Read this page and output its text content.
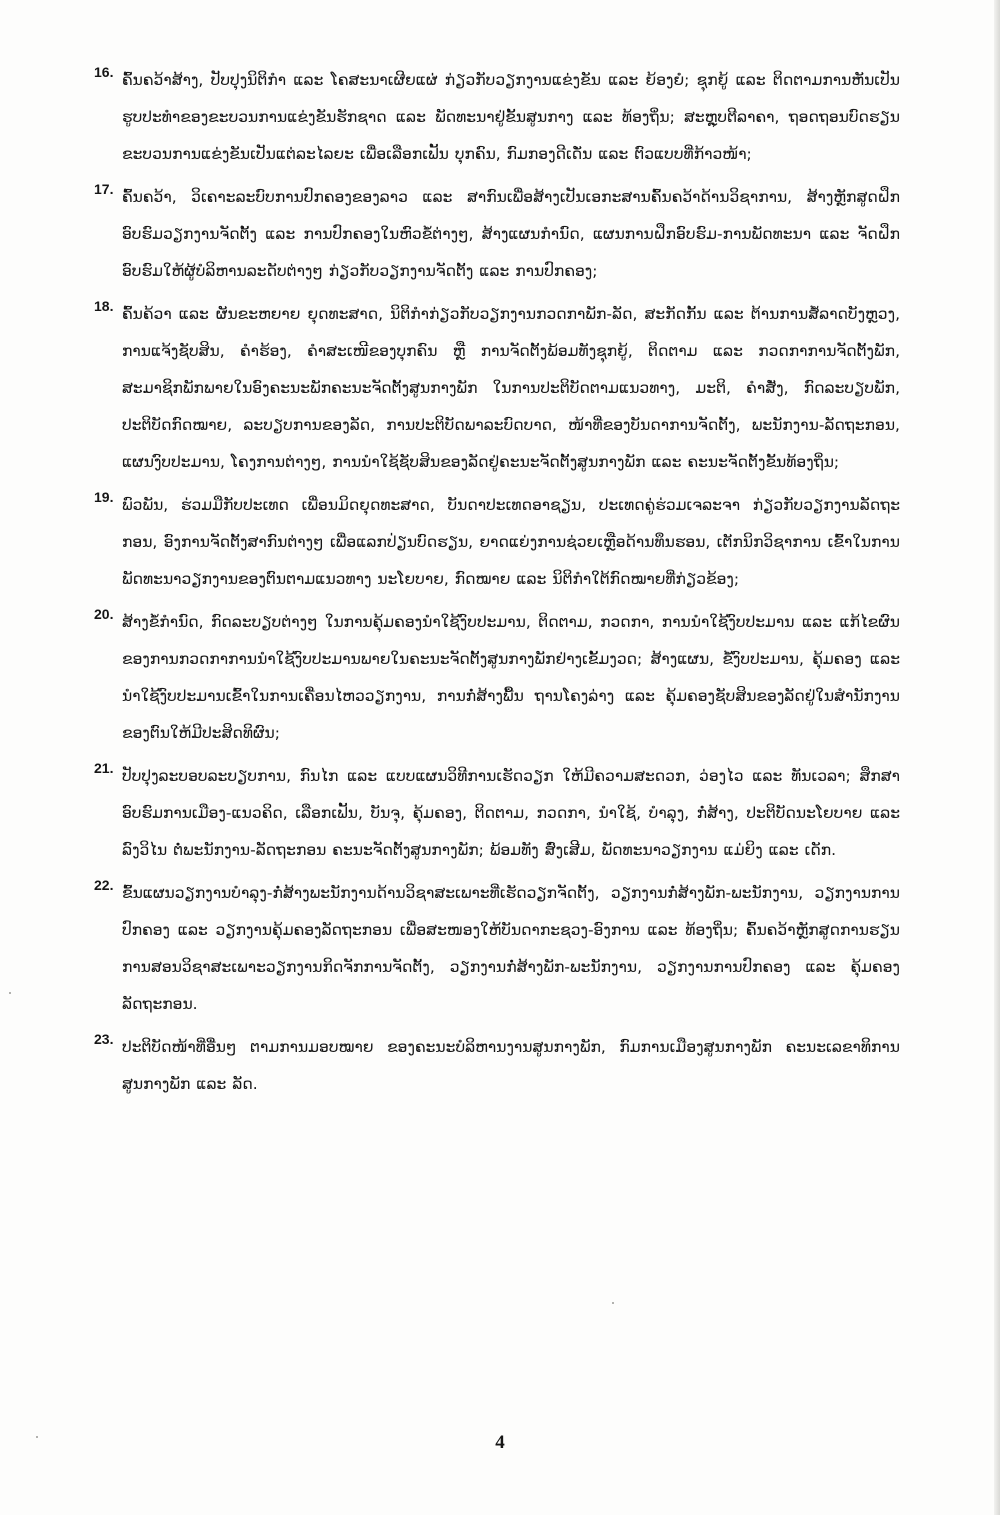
16. ຄົ້ນຄວ້າສ້າງ, ປັບປຸງນິຕິກຳ ແລະ ໂຄສະນາເຜີຍແຜ່ ກ່ຽວກັບວຽກງານແຂ່ງຂັນ ແລະ ຍ້ອງຍໍ; ຊຸກຍູ້ ແລະ ຕິດຕາມການຫັນເປັນຮູບປະທຳຂອງຂະບວນການແຂ່ງຂັນຮັກຊາດ ແລະ ພັດທະນາຢູ່ຂັ້ນສູນກາງ ແລະ ທ້ອງຖິ່ນ; ສະຫຼຸບຕີລາຄາ, ຖອດຖອນບົດຮຽນຂະບວນການແຂ່ງຂັນເປັນແຕ່ລະໄລຍະ ເພື່ອເລືອກເຟັ້ນ ບຸກຄົນ, ກົມກອງດີເດັ່ນ ແລະ ຕົວແບບທີ່ກ້າວໜ້າ;

17. ຄົ້ນຄວ້າ, ວິເຄາະລະບົບການປົກຄອງຂອງລາວ ແລະ ສາກົນເພື່ອສ້າງເປັນເອກະສານຄົ້ນຄວ້າດ້ານວິຊາການ, ສ້າງຫຼັກສູດຝຶກອົບຮົມວຽກງານຈັດຕັ້ງ ແລະ ການປົກຄອງໃນຫົວຂໍ້ຕ່າງໆ, ສ້າງແຜນກຳນົດ, ແຜນການຝຶກອົບຮົມ-ການພັດທະນາ ແລະ ຈັດຝຶກອົບຮົມໃຫ້ຜູ້ບໍລິຫານລະດັບຕ່າງໆ ກ່ຽວກັບວຽກງານຈັດຕັ້ງ ແລະ ການປົກຄອງ;

18. ຄົ້ນຄ້ວາ ແລະ ຜັນຂະຫຍາຍ ຍຸດທະສາດ, ນິຕິກຳກ່ຽວກັບວຽກງານກວດກາພັກ-ລັດ, ສະກັດກັ້ນ ແລະ ຕ້ານການສໍ້ລາດບັງຫຼວງ, ການແຈ້ງຊັບສິນ, ຄຳຮ້ອງ, ຄຳສະເໜີຂອງບຸກຄົນ ຫຼື ການຈັດຕັ້ງພ້ອມທັງຊຸກຍູ້, ຕິດຕາມ ແລະ ກວດກາການຈັດຕັ້ງພັກ, ສະມາຊິກພັກພາຍໃນອົງຄະນະພັກຄະນະຈັດຕັ້ງສູນກາງພັກ ໃນການປະຕິບັດຕາມແນວທາງ, ມະຕິ, ຄຳສັ່ງ, ກົດລະບຽບພັກ, ປະຕິບັດກົດໝາຍ, ລະບຽບການຂອງລັດ, ການປະຕິບັດພາລະບົດບາດ, ໜ້າທີ່ຂອງບັນດາການຈັດຕັ້ງ, ພະນັກງານ-ລັດຖະກອນ, ແຜນງົບປະມານ, ໂຄງການຕ່າງໆ, ການນຳໃຊ້ຊັບສິນຂອງລັດຢູ່ຄະນະຈັດຕັ້ງສູນກາງພັກ ແລະ ຄະນະຈັດຕັ້ງຂັ້ນທ້ອງຖິ່ນ;

19. ພົວພັນ, ຮ່ວມມືກັບປະເທດ ເພື່ອນມິດຍຸດທະສາດ, ບັນດາປະເທດອາຊຽນ, ປະເທດຄູ່ຮ່ວມເຈລະຈາ ກ່ຽວກັບວຽກງານລັດຖະກອນ, ອົງການຈັດຕັ້ງສາກົນຕ່າງໆ ເພື່ອແລກປ່ຽນບົດຮຽນ, ຍາດແຍ່ງການຊ່ວຍເຫຼືອດ້ານທຶນຮອນ, ເຕັກນິກວິຊາການ ເຂົ້າໃນການພັດທະນາວຽກງານຂອງຕົນຕາມແນວທາງ ນະໂຍບາຍ, ກົດໝາຍ ແລະ ນິຕິກຳໃຕ້ກົດໝາຍທີ່ກ່ຽວຂ້ອງ;

20. ສ້າງຂໍ້ກຳນົດ, ກົດລະບຽບຕ່າງໆ ໃນການຄຸ້ມຄອງນຳໃຊ້ງົບປະມານ, ຕິດຕາມ, ກວດກາ, ການນຳໃຊ້ງົບປະມານ ແລະ ແກ້ໄຂຜົນຂອງການກວດກາການນຳໃຊ້ງົບປະມານພາຍໃນຄະນະຈັດຕັ້ງສູນກາງພັກຢ່າງເຂັ້ມງວດ; ສ້າງແຜນ, ຂໍ້ງົບປະມານ, ຄຸ້ມຄອງ ແລະ ນຳໃຊ້ງົບປະມານເຂົ້າໃນການເຄື່ອນໄຫວວຽກງານ, ການກໍ່ສ້າງພື້ນ ຖານໂຄງລ່າງ ແລະ ຄຸ້ມຄອງຊັບສິນຂອງລັດຢູ່ໃນສຳນັກງານຂອງຕົນໃຫ້ມີປະສິດທິຜົນ;

21. ປັບປຸງລະບອບລະບຽບການ, ກົນໄກ ແລະ ແບບແຜນວິທີການເຮັດວຽກ ໃຫ້ມີຄວາມສະດວກ, ວ່ອງໄວ ແລະ ທັນເວລາ; ສຶກສາອົບຮົມການເມືອງ-ແນວຄິດ, ເລືອກເຟັ້ນ, ບັນຈຸ, ຄຸ້ມຄອງ, ຕິດຕາມ, ກວດກາ, ນຳໃຊ້, ບຳລຸງ, ກໍ່ສ້າງ, ປະຕິບັດນະໂຍບາຍ ແລະ ລົງວິໄນ ຕໍ່ພະນັກງານ-ລັດຖະກອນ ຄະນະຈັດຕັ້ງສູນກາງພັກ; ພ້ອມທັງ ສົ່ງເສີມ, ພັດທະນາວຽກງານ ແມ່ຍິງ ແລະ ເດັກ.

22. ຂົ້ນແຜນວຽກງານບຳລຸງ-ກໍ່ສ້າງພະນັກງານດ້ານວິຊາສະເພາະທີ່ເຮັດວຽກຈັດຕັ້ງ, ວຽກງານກໍ່ສ້າງພັກ-ພະນັກງານ, ວຽກງານການປົກຄອງ ແລະ ວຽກງານຄຸ້ມຄອງລັດຖະກອນ ເພື່ອສະໜອງໃຫ້ບັນດາກະຊວງ-ອົງການ ແລະ ທ້ອງຖິ່ນ; ຄົ້ນຄວ້າຫຼັກສູດການຮຽນການສອນວິຊາສະເພາະວຽກງານກິດຈັກການຈັດຕັ້ງ, ວຽກງານກໍ່ສ້າງພັກ-ພະນັກງານ, ວຽກງານການປົກຄອງ ແລະ ຄຸ້ມຄອງລັດຖະກອນ.

23. ປະຕິບັດໜ້າທີ່ອື່ນໆ ຕາມການມອບໝາຍ ຂອງຄະນະບໍລິຫານງານສູນກາງພັກ, ກົມການເມືອງສູນກາງພັກ ຄະນະເລຂາທິການສູນກາງພັກ ແລະ ລັດ.

4
